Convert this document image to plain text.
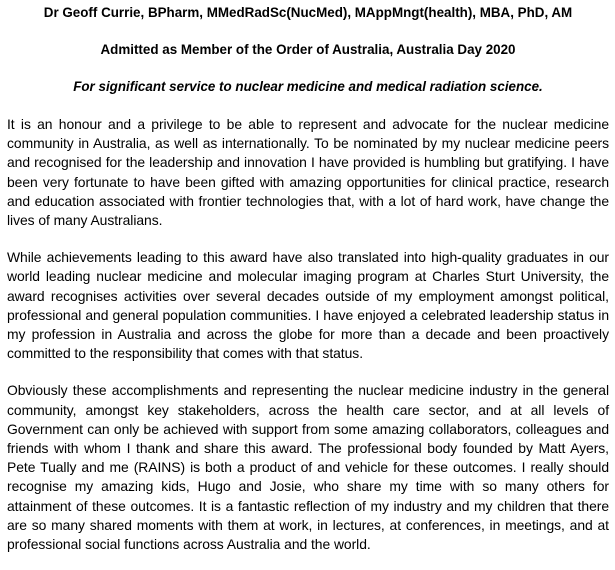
Dr Geoff Currie, BPharm, MMedRadSc(NucMed), MAppMngt(health), MBA, PhD, AM

Admitted as Member of the Order of Australia, Australia Day 2020

For significant service to nuclear medicine and medical radiation science.

It is an honour and a privilege to be able to represent and advocate for the nuclear medicine community in Australia, as well as internationally. To be nominated by my nuclear medicine peers and recognised for the leadership and innovation I have provided is humbling but gratifying. I have been very fortunate to have been gifted with amazing opportunities for clinical practice, research and education associated with frontier technologies that, with a lot of hard work, have change the lives of many Australians.

While achievements leading to this award have also translated into high-quality graduates in our world leading nuclear medicine and molecular imaging program at Charles Sturt University, the award recognises activities over several decades outside of my employment amongst political, professional and general population communities. I have enjoyed a celebrated leadership status in my profession in Australia and across the globe for more than a decade and been proactively committed to the responsibility that comes with that status.

Obviously these accomplishments and representing the nuclear medicine industry in the general community, amongst key stakeholders, across the health care sector, and at all levels of Government can only be achieved with support from some amazing collaborators, colleagues and friends with whom I thank and share this award. The professional body founded by Matt Ayers, Pete Tually and me (RAINS) is both a product of and vehicle for these outcomes. I really should recognise my amazing kids, Hugo and Josie, who share my time with so many others for attainment of these outcomes. It is a fantastic reflection of my industry and my children that there are so many shared moments with them at work, in lectures, at conferences, in meetings, and at professional social functions across Australia and the world.
